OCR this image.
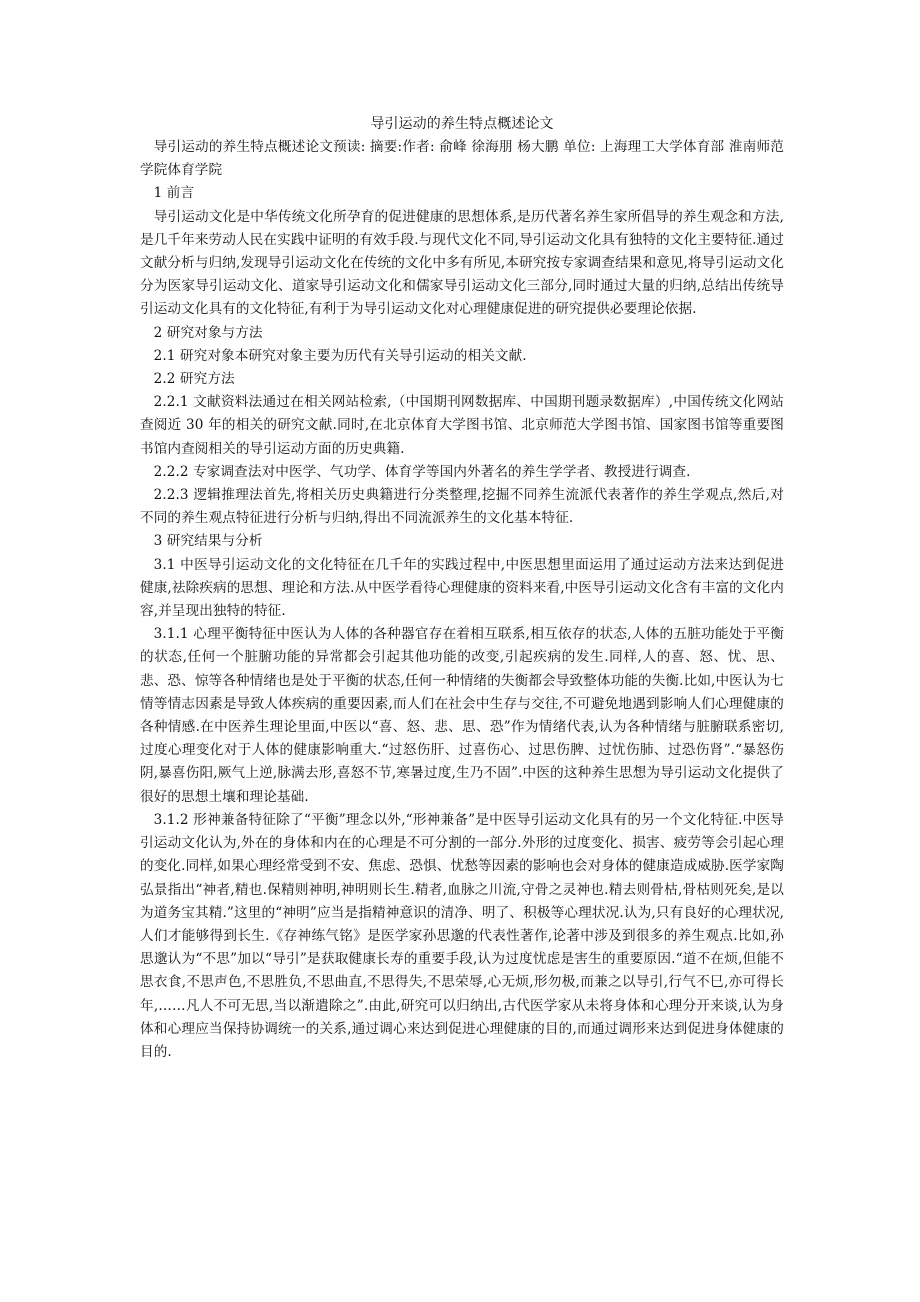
导引运动的养生特点概述论文

导引运动的养生特点概述论文预读: 摘要:作者: 俞峰 徐海朋 杨大鹏 单位: 上海理工大学体育部 淮南师范学院体育学院

1 前言

导引运动文化是中华传统文化所孕育的促进健康的思想体系,是历代著名养生家所倡导的养生观念和方法,是几千年来劳动人民在实践中证明的有效手段.与现代文化不同,导引运动文化具有独特的文化主要特征.通过文献分析与归纳,发现导引运动文化在传统的文化中多有所见,本研究按专家调查结果和意见,将导引运动文化分为医家导引运动文化、道家导引运动文化和儒家导引运动文化三部分,同时通过大量的归纳,总结出传统导引运动文化具有的文化特征,有利于为导引运动文化对心理健康促进的研究提供必要理论依据.

2 研究对象与方法

2.1 研究对象本研究对象主要为历代有关导引运动的相关文献.

2.2 研究方法

2.2.1 文献资料法通过在相关网站检索,（中国期刊网数据库、中国期刊题录数据库）,中国传统文化网站查阅近 30 年的相关的研究文献.同时,在北京体育大学图书馆、北京师范大学图书馆、国家图书馆等重要图书馆内查阅相关的导引运动方面的历史典籍.

2.2.2 专家调查法对中医学、气功学、体育学等国内外著名的养生学学者、教授进行调查.

2.2.3 逻辑推理法首先,将相关历史典籍进行分类整理,挖掘不同养生流派代表著作的养生学观点,然后,对不同的养生观点特征进行分析与归纳,得出不同流派养生的文化基本特征.

3 研究结果与分析

3.1 中医导引运动文化的文化特征在几千年的实践过程中,中医思想里面运用了通过运动方法来达到促进健康,祛除疾病的思想、理论和方法.从中医学看待心理健康的资料来看,中医导引运动文化含有丰富的文化内容,并呈现出独特的特征.

3.1.1 心理平衡特征中医认为人体的各种器官存在着相互联系,相互依存的状态,人体的五脏功能处于平衡的状态,任何一个脏腑功能的异常都会引起其他功能的改变,引起疾病的发生.同样,人的喜、怒、忧、思、悲、恐、惊等各种情绪也是处于平衡的状态,任何一种情绪的失衡都会导致整体功能的失衡.比如,中医认为七情等情志因素是导致人体疾病的重要因素,而人们在社会中生存与交往,不可避免地遇到影响人们心理健康的各种情感.在中医养生理论里面,中医以“喜、怒、悲、思、恐”作为情绪代表,认为各种情绪与脏腑联系密切,过度心理变化对于人体的健康影响重大.“过怒伤肝、过喜伤心、过思伤脾、过忧伤肺、过恐伤肾”.“暴怒伤阴,暴喜伤阳,厥气上逆,脉满去形,喜怒不节,寒暑过度,生乃不固”.中医的这种养生思想为导引运动文化提供了很好的思想土壤和理论基础.

3.1.2 形神兼备特征除了“平衡”理念以外,“形神兼备”是中医导引运动文化具有的另一个文化特征.中医导引运动文化认为,外在的身体和内在的心理是不可分割的一部分.外形的过度变化、损害、疲劳等会引起心理的变化.同样,如果心理经常受到不安、焦虑、恐惧、忧愁等因素的影响也会对身体的健康造成威胁.医学家陶弘景指出“神者,精也.保精则神明,神明则长生.精者,血脉之川流,守骨之灵神也.精去则骨枯,骨枯则死矣,是以为道务宝其精.”这里的“神明”应当是指精神意识的清净、明了、积极等心理状况.认为,只有良好的心理状况,人们才能够得到长生.《存神练气铭》是医学家孙思邈的代表性著作,论著中涉及到很多的养生观点.比如,孙思邈认为“不思”加以“导引”是获取健康长寿的重要手段,认为过度忧虑是害生的重要原因.“道不在烦,但能不思衣食,不思声色,不思胜负,不思曲直,不思得失,不思荣辱,心无烦,形勿极,而兼之以导引,行气不巳,亦可得长年,……凡人不可无思,当以渐遣除之”.由此,研究可以归纳出,古代医学家从未将身体和心理分开来谈,认为身体和心理应当保持协调统一的关系,通过调心来达到促进心理健康的目的,而通过调形来达到促进身体健康的目的.
